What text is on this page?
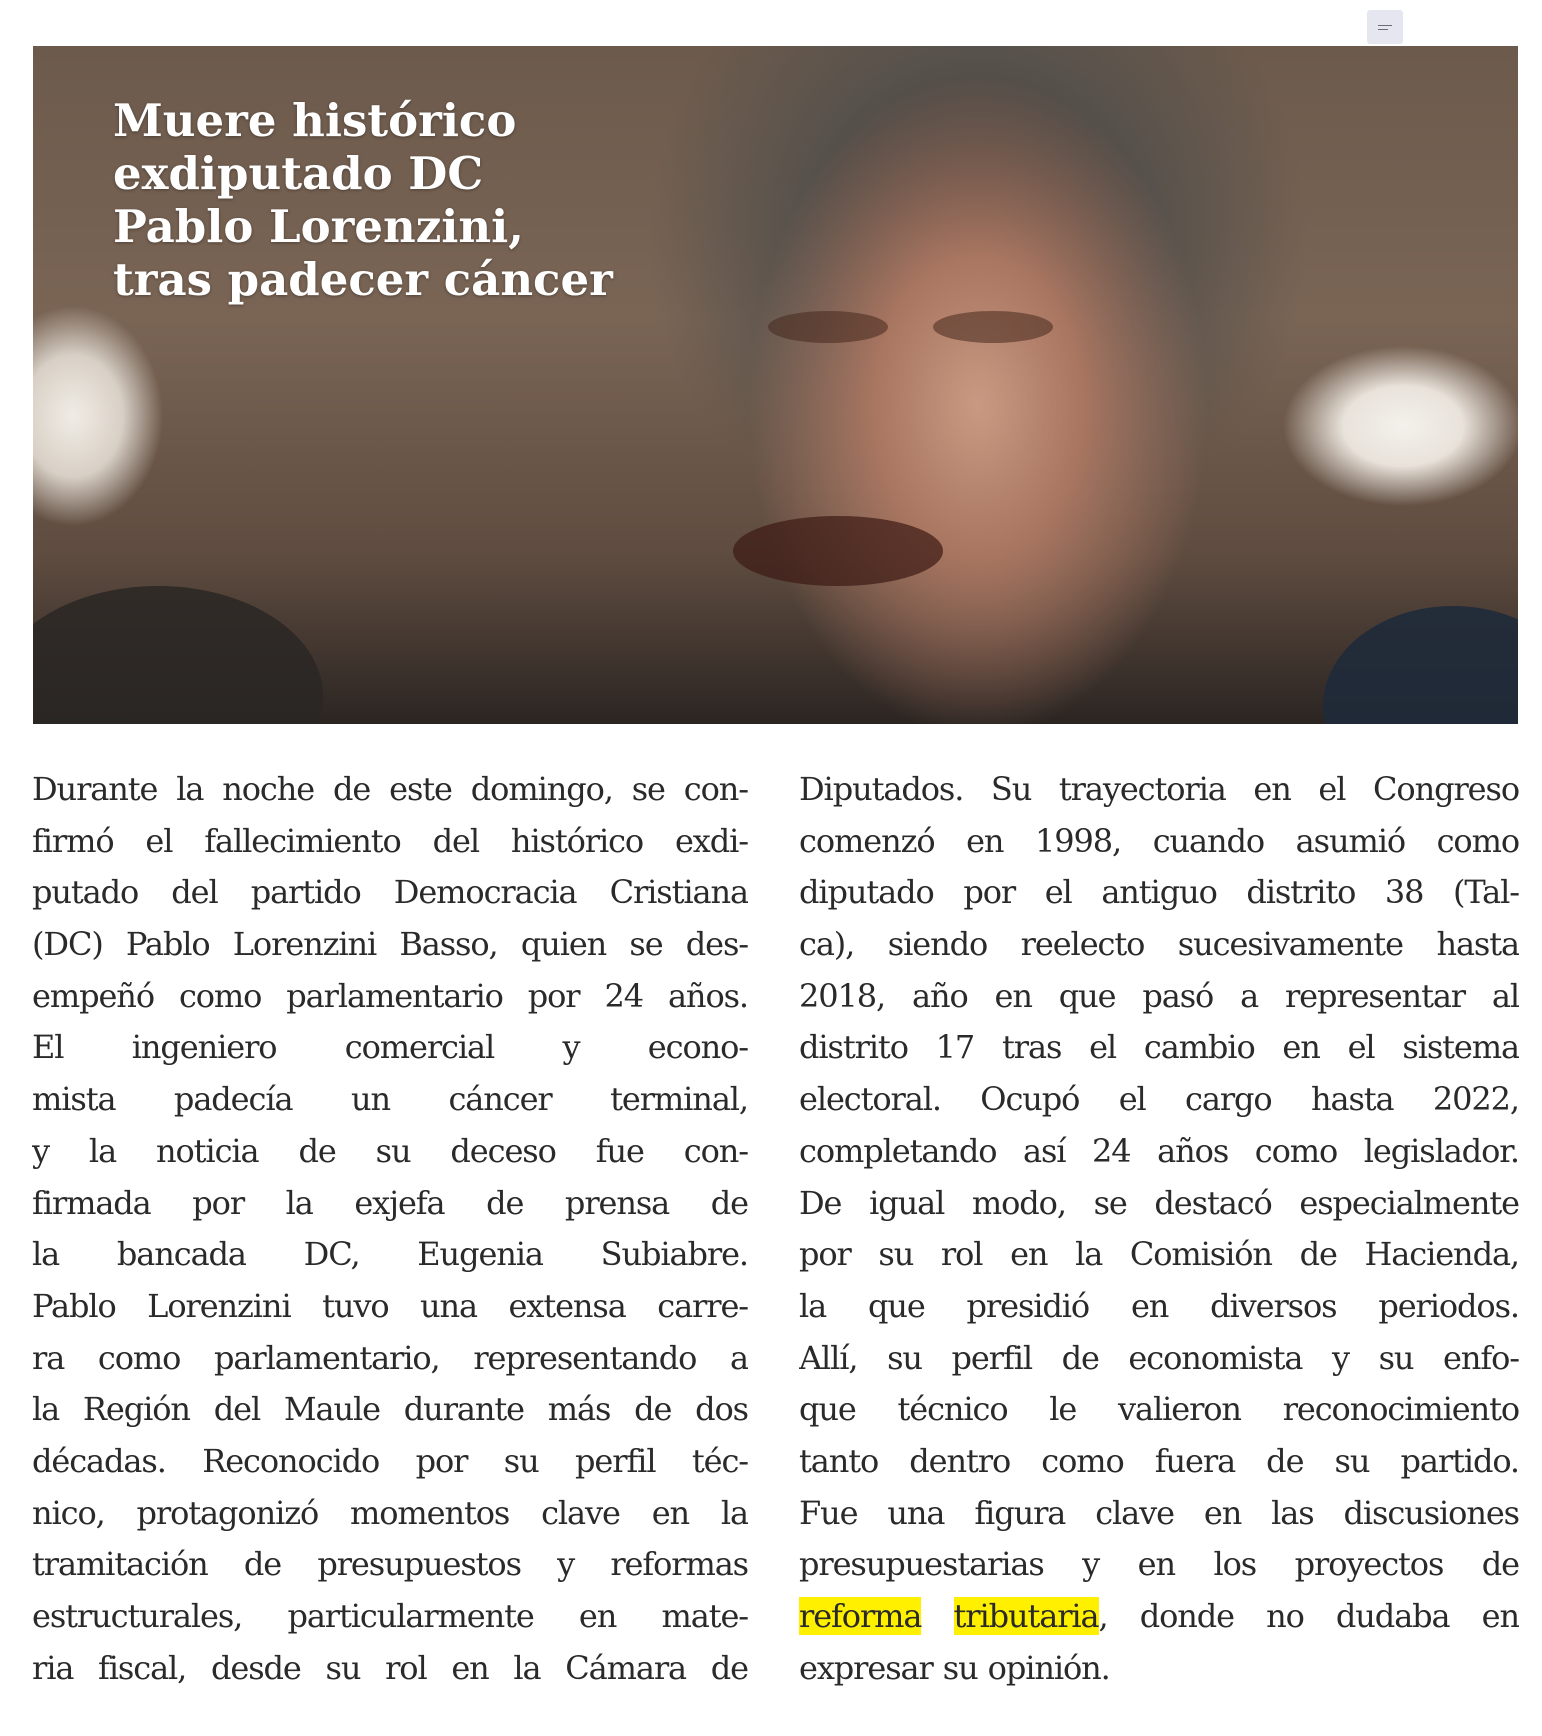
Muere histórico
exdiputado DC
Pablo Lorenzini,
tras padecer cáncer
Durante la noche de este domingo, se con-
firmó el fallecimiento del histórico exdi-
putado del partido Democracia Cristiana
(DC) Pablo Lorenzini Basso, quien se des-
empeñó como parlamentario por 24 años.
El ingeniero comercial y econo-
mista padecía un cáncer terminal,
y la noticia de su deceso fue con-
firmada por la exjefa de prensa de
la bancada DC, Eugenia Subiabre.
Pablo Lorenzini tuvo una extensa carre-
ra como parlamentario, representando a
la Región del Maule durante más de dos
décadas. Reconocido por su perfil téc-
nico, protagonizó momentos clave en la
tramitación de presupuestos y reformas
estructurales, particularmente en mate-
ria fiscal, desde su rol en la Cámara de
Diputados. Su trayectoria en el Congreso
comenzó en 1998, cuando asumió como
diputado por el antiguo distrito 38 (Tal-
ca), siendo reelecto sucesivamente hasta
2018, año en que pasó a representar al
distrito 17 tras el cambio en el sistema
electoral. Ocupó el cargo hasta 2022,
completando así 24 años como legislador.
De igual modo, se destacó especialmente
por su rol en la Comisión de Hacienda,
la que presidió en diversos periodos.
Allí, su perfil de economista y su enfo-
que técnico le valieron reconocimiento
tanto dentro como fuera de su partido.
Fue una figura clave en las discusiones
presupuestarias y en los proyectos de
reforma tributaria, donde no dudaba en
expresar su opinión.
